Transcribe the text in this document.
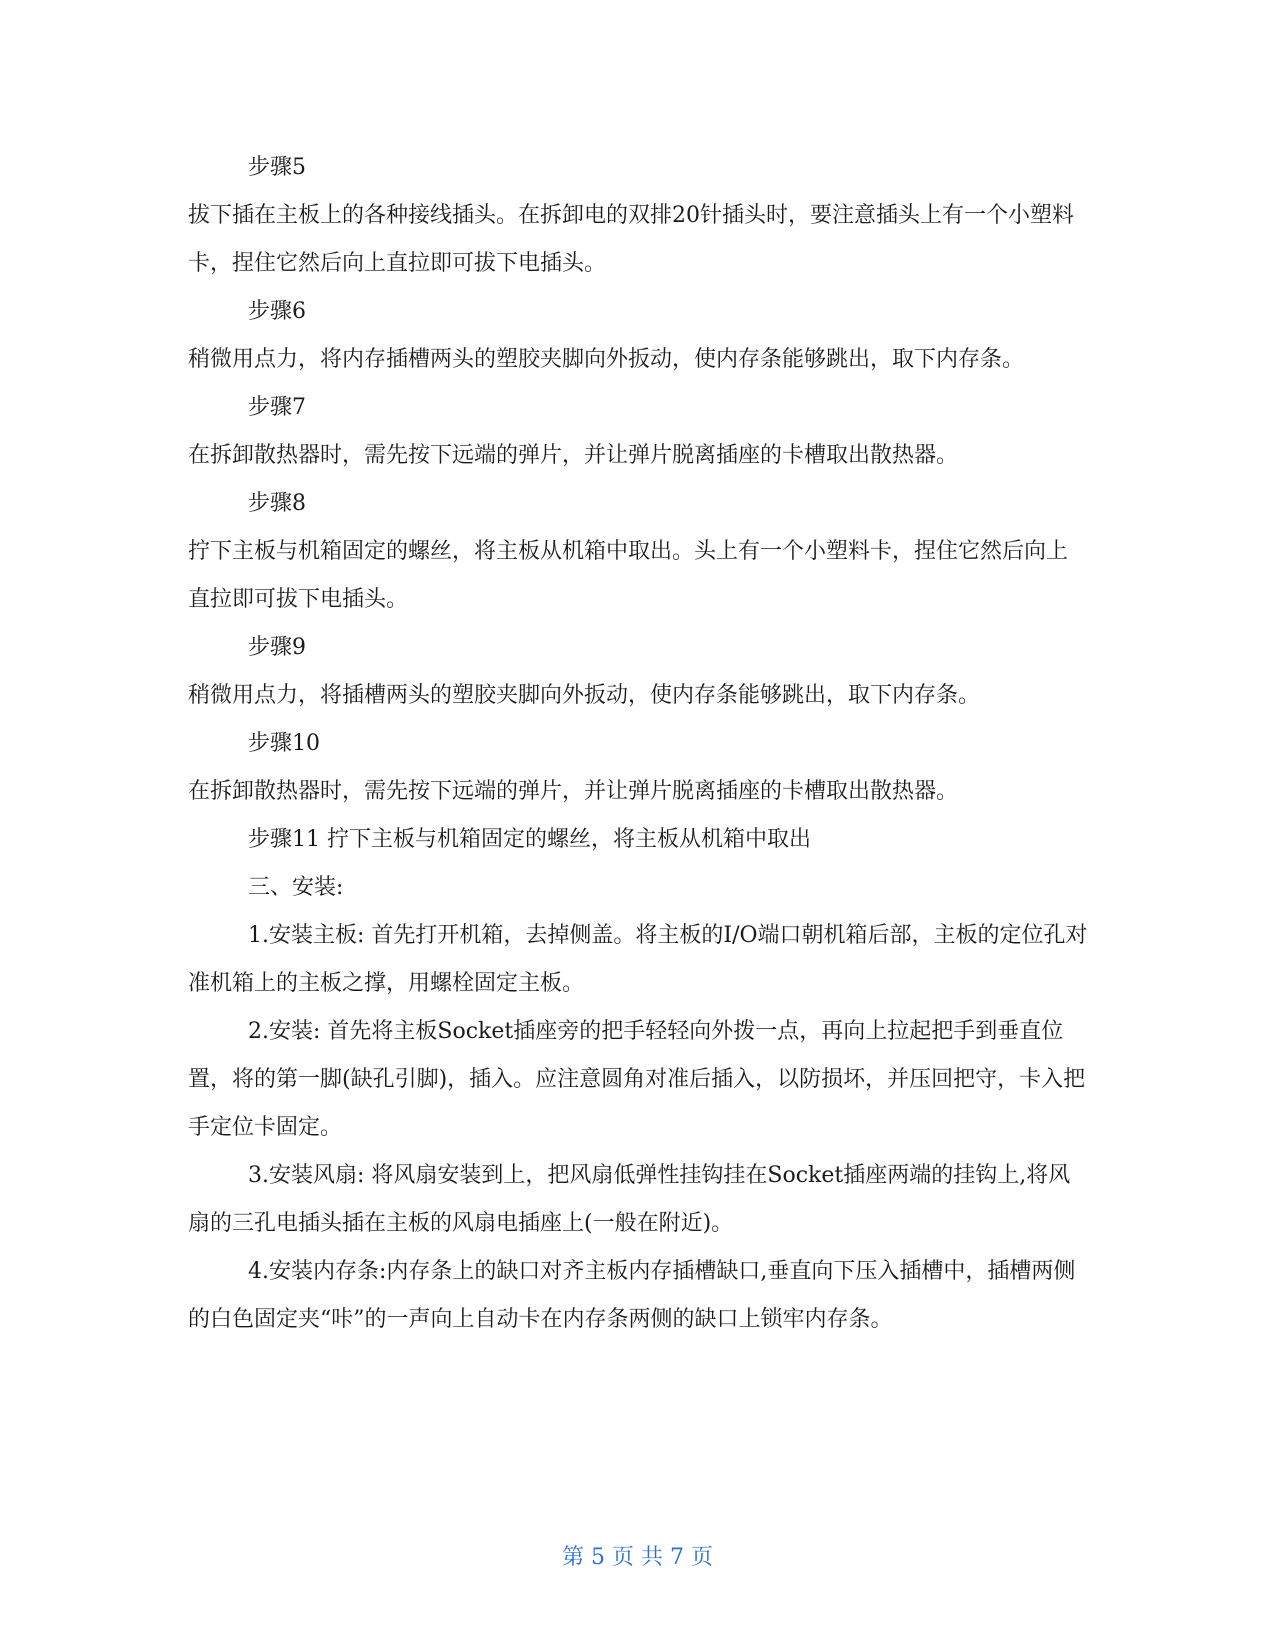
步骤5

拔下插在主板上的各种接线插头。在拆卸电的双排20针插头时，要注意插头上有一个小塑料卡，捏住它然后向上直拉即可拔下电插头。

步骤6

稍微用点力，将内存插槽两头的塑胶夹脚向外扳动，使内存条能够跳出，取下内存条。

步骤7

在拆卸散热器时，需先按下远端的弹片，并让弹片脱离插座的卡槽取出散热器。

步骤8

拧下主板与机箱固定的螺丝，将主板从机箱中取出。头上有一个小塑料卡，捏住它然后向上直拉即可拔下电插头。

步骤9

稍微用点力，将插槽两头的塑胶夹脚向外扳动，使内存条能够跳出，取下内存条。

步骤10

在拆卸散热器时，需先按下远端的弹片，并让弹片脱离插座的卡槽取出散热器。

步骤11 拧下主板与机箱固定的螺丝，将主板从机箱中取出

三、安装:

1.安装主板: 首先打开机箱，去掉侧盖。将主板的I/O端口朝机箱后部，主板的定位孔对准机箱上的主板之撑，用螺栓固定主板。

2.安装: 首先将主板Socket插座旁的把手轻轻向外拨一点，再向上拉起把手到垂直位置，将的第一脚(缺孔引脚)，插入。应注意圆角对准后插入，以防损坏，并压回把守，卡入把手定位卡固定。

3.安装风扇: 将风扇安装到上，把风扇低弹性挂钩挂在Socket插座两端的挂钩上,将风扇的三孔电插头插在主板的风扇电插座上(一般在附近)。

4.安装内存条:内存条上的缺口对齐主板内存插槽缺口,垂直向下压入插槽中，插槽两侧的白色固定夹“咔”的一声向上自动卡在内存条两侧的缺口上锁牢内存条。

第 5 页 共 7 页
